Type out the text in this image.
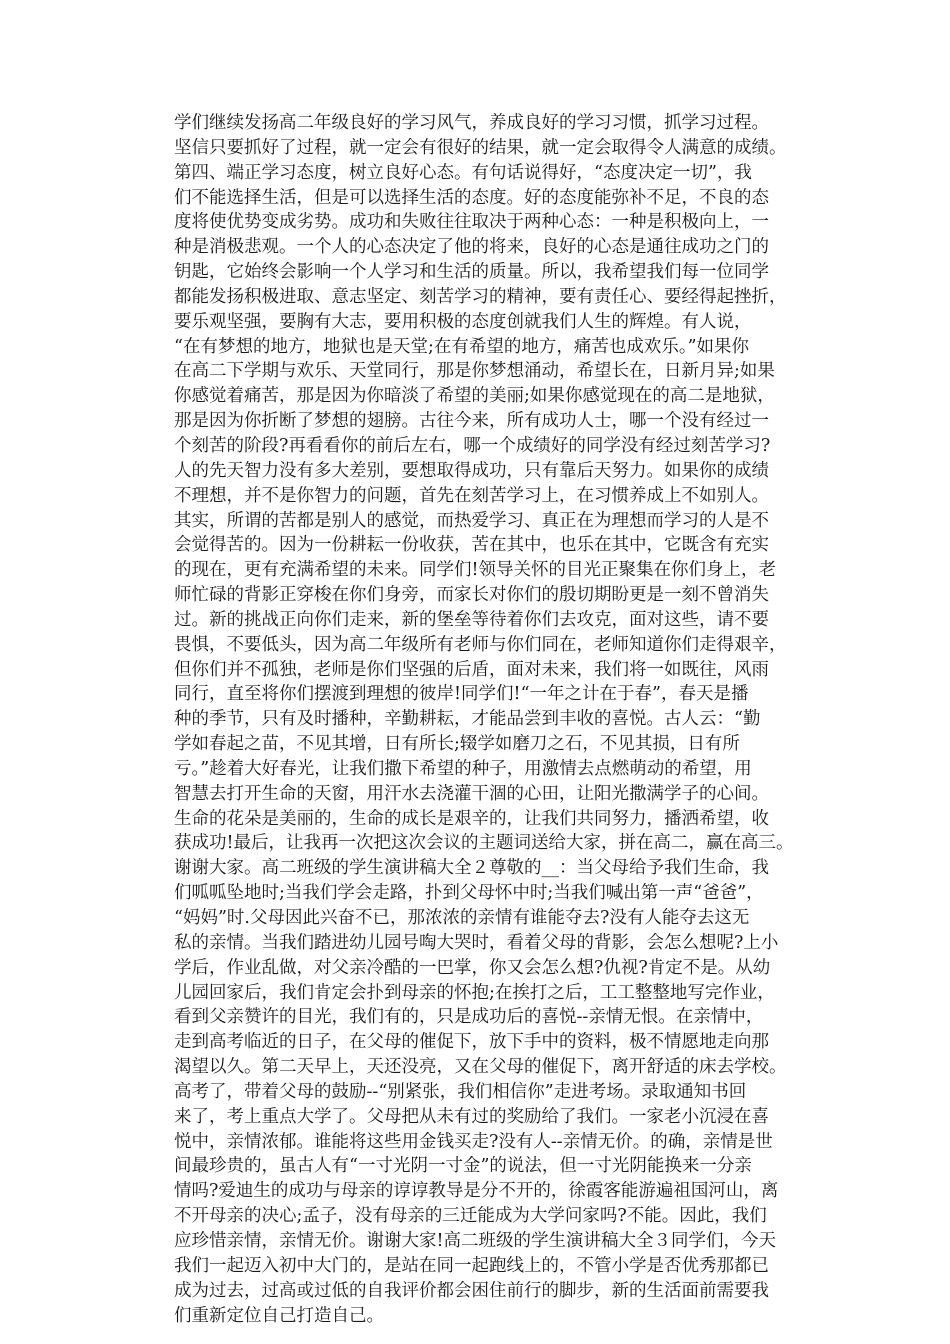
学们继续发扬高二年级良好的学习风气，养成良好的学习习惯，抓学习过程。
坚信只要抓好了过程，就一定会有很好的结果，就一定会取得令人满意的成绩。
第四、端正学习态度，树立良好心态。有句话说得好，“态度决定一切”，我
们不能选择生活，但是可以选择生活的态度。好的态度能弥补不足，不良的态
度将使优势变成劣势。成功和失败往往取决于两种心态：一种是积极向上，一
种是消极悲观。一个人的心态决定了他的将来，良好的心态是通往成功之门的
钥匙，它始终会影响一个人学习和生活的质量。所以，我希望我们每一位同学
都能发扬积极进取、意志坚定、刻苦学习的精神，要有责任心、要经得起挫折，
要乐观坚强，要胸有大志，要用积极的态度创就我们人生的辉煌。有人说，
“在有梦想的地方，地狱也是天堂;在有希望的地方，痛苦也成欢乐。”如果你
在高二下学期与欢乐、天堂同行，那是你梦想涌动，希望长在，日新月异;如果
你感觉着痛苦，那是因为你暗淡了希望的美丽;如果你感觉现在的高二是地狱，
那是因为你折断了梦想的翅膀。古往今来，所有成功人士，哪一个没有经过一
个刻苦的阶段?再看看你的前后左右，哪一个成绩好的同学没有经过刻苦学习?
人的先天智力没有多大差别，要想取得成功，只有靠后天努力。如果你的成绩
不理想，并不是你智力的问题，首先在刻苦学习上，在习惯养成上不如别人。
其实，所谓的苦都是别人的感觉，而热爱学习、真正在为理想而学习的人是不
会觉得苦的。因为一份耕耘一份收获，苦在其中，也乐在其中，它既含有充实
的现在，更有充满希望的未来。同学们!领导关怀的目光正聚集在你们身上，老
师忙碌的背影正穿梭在你们身旁，而家长对你们的殷切期盼更是一刻不曾消失
过。新的挑战正向你们走来，新的堡垒等待着你们去攻克，面对这些，请不要
畏惧，不要低头，因为高二年级所有老师与你们同在，老师知道你们走得艰辛，
但你们并不孤独，老师是你们坚强的后盾，面对未来，我们将一如既往，风雨
同行，直至将你们摆渡到理想的彼岸!同学们!“一年之计在于春”，春天是播
种的季节，只有及时播种，辛勤耕耘，才能品尝到丰收的喜悦。古人云：“勤
学如春起之苗，不见其增，日有所长;辍学如磨刀之石，不见其损，日有所
亏。”趁着大好春光，让我们撒下希望的种子，用激情去点燃萌动的希望，用
智慧去打开生命的天窗，用汗水去浇灌干涸的心田，让阳光撒满学子的心间。
生命的花朵是美丽的，生命的成长是艰辛的，让我们共同努力，播洒希望，收
获成功!最后，让我再一次把这次会议的主题词送给大家，拼在高二，赢在高三。
谢谢大家。高二班级的学生演讲稿大全２尊敬的__：当父母给予我们生命，我
们呱呱坠地时;当我们学会走路，扑到父母怀中时;当我们喊出第一声“爸爸”，
“妈妈”时.父母因此兴奋不已，那浓浓的亲情有谁能夺去?没有人能夺去这无
私的亲情。当我们踏进幼儿园号啕大哭时，看着父母的背影，会怎么想呢?上小
学后，作业乱做，对父亲冷酷的一巴掌，你又会怎么想?仇视?肯定不是。从幼
儿园回家后，我们肯定会扑到母亲的怀抱;在挨打之后，工工整整地写完作业，
看到父亲赞许的目光，我们有的，只是成功后的喜悦--亲情无恨。在亲情中，
走到高考临近的日子，在父母的催促下，放下手中的资料，极不情愿地走向那
渴望以久。第二天早上，天还没亮，又在父母的催促下，离开舒适的床去学校。
高考了，带着父母的鼓励--“别紧张，我们相信你”走进考场。录取通知书回
来了，考上重点大学了。父母把从未有过的奖励给了我们。一家老小沉浸在喜
悦中，亲情浓郁。谁能将这些用金钱买走?没有人--亲情无价。的确，亲情是世
间最珍贵的，虽古人有“一寸光阴一寸金”的说法，但一寸光阴能换来一分亲
情吗?爱迪生的成功与母亲的谆谆教导是分不开的，徐霞客能游遍祖国河山，离
不开母亲的决心;孟子，没有母亲的三迁能成为大学问家吗?不能。因此，我们
应珍惜亲情，亲情无价。谢谢大家!高二班级的学生演讲稿大全３同学们，今天
我们一起迈入初中大门的，是站在同一起跑线上的，不管小学是否优秀那都已
成为过去，过高或过低的自我评价都会困住前行的脚步，新的生活面前需要我
们重新定位自己打造自己。
